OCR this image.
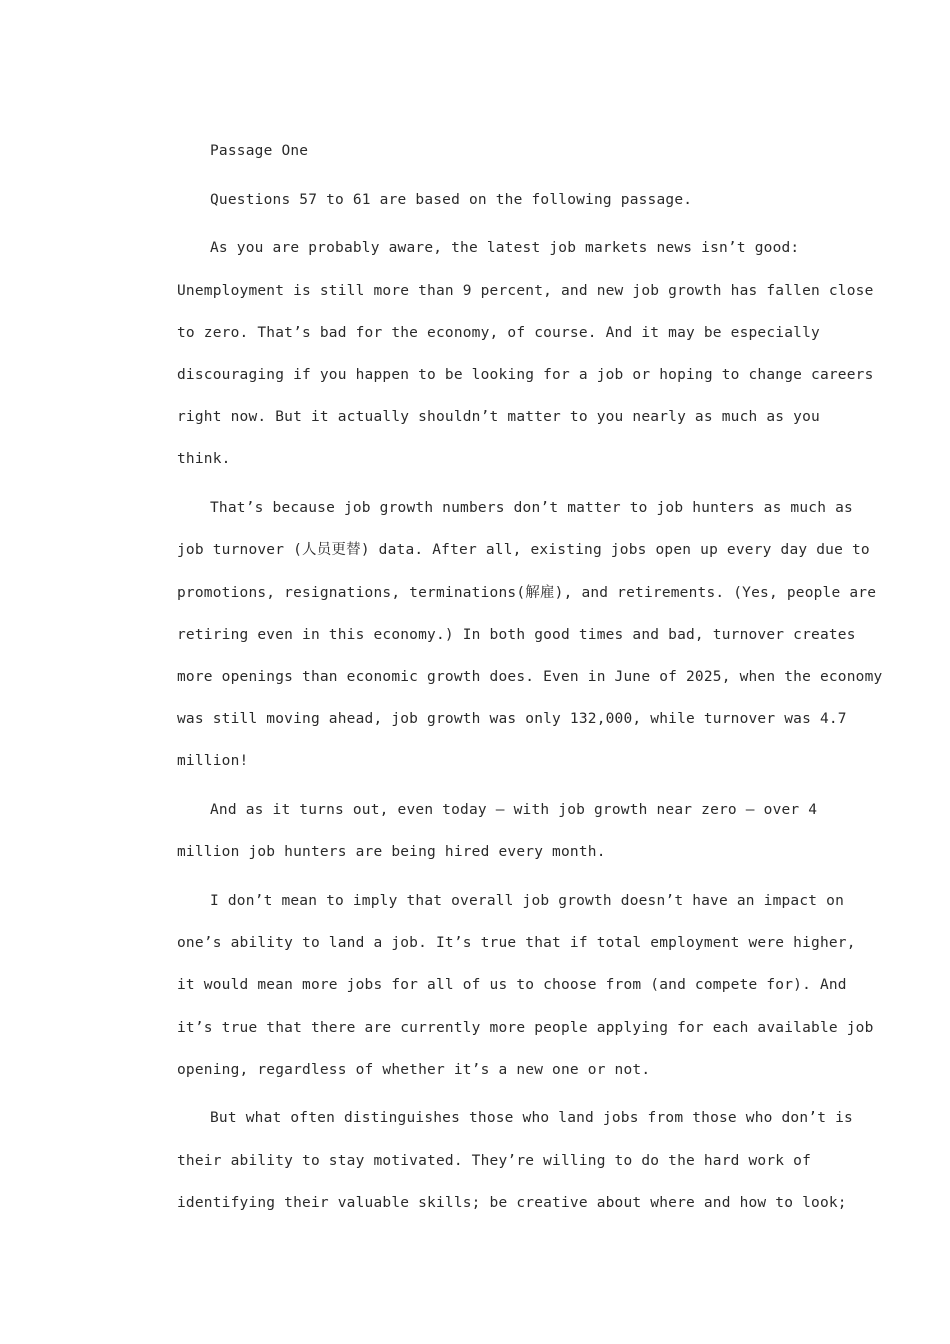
Passage One
Questions 57 to 61 are based on the following passage.
As you are probably aware, the latest job markets news isn’t good:
Unemployment is still more than 9 percent, and new job growth has fallen close
to zero. That’s bad for the economy, of course. And it may be especially
discouraging if you happen to be looking for a job or hoping to change careers
right now. But it actually shouldn’t matter to you nearly as much as you
think.
That’s because job growth numbers don’t matter to job hunters as much as
job turnover (人员更替) data. After all, existing jobs open up every day due to
promotions, resignations, terminations(解雇), and retirements. (Yes, people are
retiring even in this economy.) In both good times and bad, turnover creates
more openings than economic growth does. Even in June of 2025, when the economy
was still moving ahead, job growth was only 132,000, while turnover was 4.7
million!
And as it turns out, even today — with job growth near zero — over 4
million job hunters are being hired every month.
I don’t mean to imply that overall job growth doesn’t have an impact on
one’s ability to land a job. It’s true that if total employment were higher,
it would mean more jobs for all of us to choose from (and compete for). And
it’s true that there are currently more people applying for each available job
opening, regardless of whether it’s a new one or not.
But what often distinguishes those who land jobs from those who don’t is
their ability to stay motivated. They’re willing to do the hard work of
identifying their valuable skills; be creative about where and how to look;
